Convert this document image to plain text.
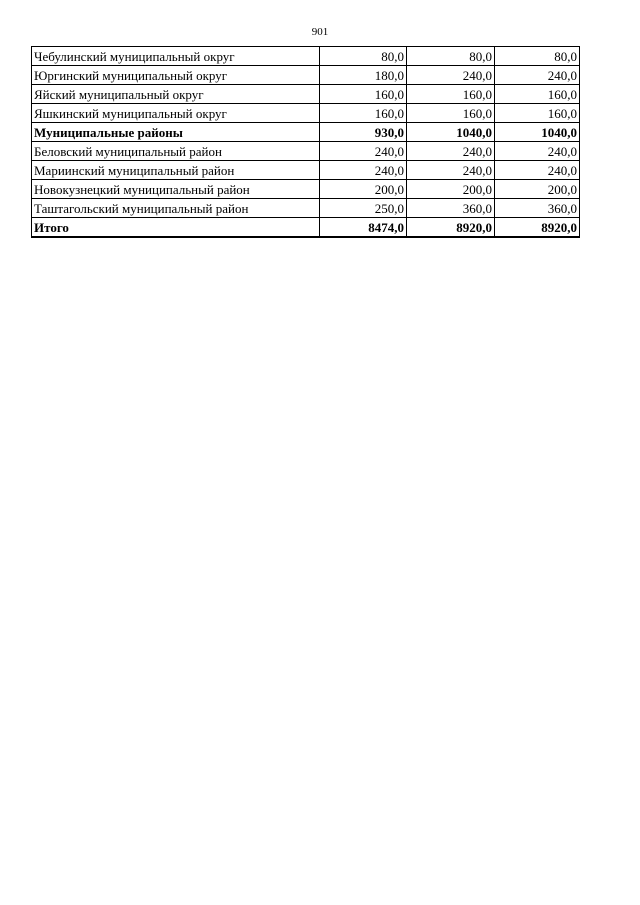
901
Чебулинский муниципальный округ	80,0	80,0	80,0
Юргинский муниципальный округ	180,0	240,0	240,0
Яйский муниципальный округ	160,0	160,0	160,0
Яшкинский муниципальный округ	160,0	160,0	160,0
Муниципальные районы	930,0	1040,0	1040,0
Беловский муниципальный район	240,0	240,0	240,0
Мариинский муниципальный район	240,0	240,0	240,0
Новокузнецкий муниципальный район	200,0	200,0	200,0
Таштагольский муниципальный район	250,0	360,0	360,0
Итого	8474,0	8920,0	8920,0
